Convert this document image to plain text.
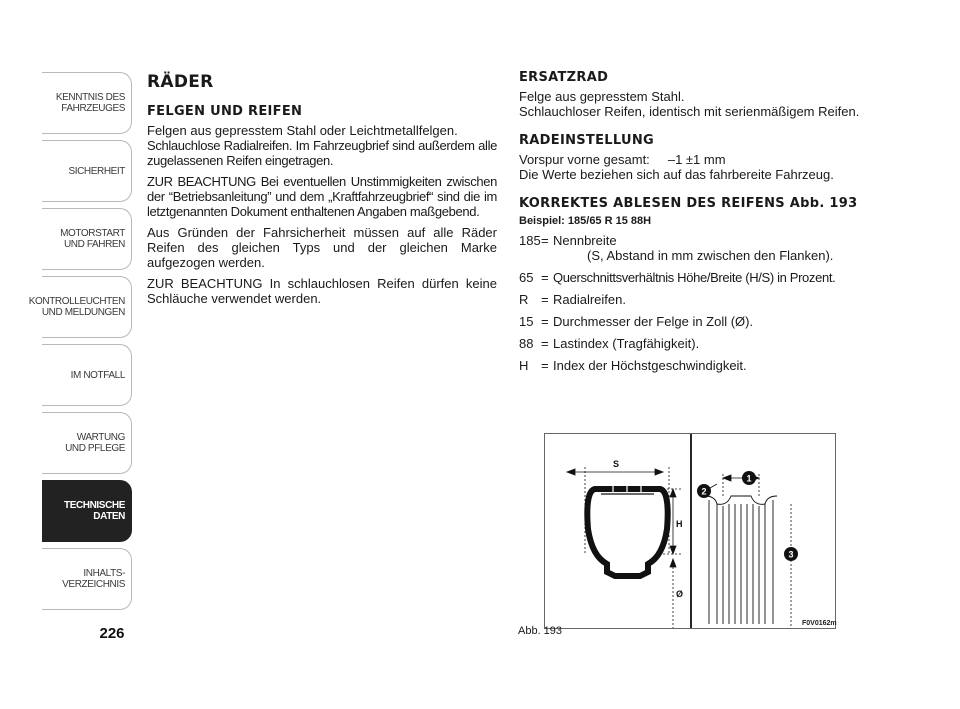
KENNTNIS DES
FAHRZEUGES
SICHERHEIT
MOTORSTART
UND FAHREN
KONTROLLEUCHTEN
UND MELDUNGEN
IM NOTFALL
WARTUNG
UND PFLEGE
TECHNISCHE
DATEN
INHALTS-
VERZEICHNIS
226
RÄDER
FELGEN UND REIFEN

Felgen aus gepresstem Stahl oder Leichtmetallfelgen.

Schlauchlose Radialreifen. Im Fahrzeugbrief sind außerdem alle zugelassenen Reifen eingetragen.

ZUR BEACHTUNG Bei eventuellen Unstimmigkeiten zwischen der “Betriebsanleitung” und dem „Kraftfahrzeugbrief“ sind die im letztgenannten Dokument enthaltenen Angaben maßgebend.

Aus Gründen der Fahrsicherheit müssen auf alle Räder Reifen des gleichen Typs und der gleichen Marke aufgezogen werden.

ZUR BEACHTUNG In schlauchlosen Reifen dürfen keine Schläuche verwendet werden.

ERSATZRAD

Felge aus gepresstem Stahl.

Schlauchloser Reifen, identisch mit serienmäßigem Reifen.

RADEINSTELLUNG

Vorspur vorne gesamt:     –1 ±1 mm

Die Werte beziehen sich auf das fahrbereite Fahrzeug.

KORREKTES ABLESEN DES REIFENS Abb. 193
Beispiel: 185/65 R 15 88H
185 = Nennbreite
(S, Abstand in mm zwischen den Flanken).
65 = Querschnittsverhältnis Höhe/Breite (H/S) in Prozent.
R = Radialreifen.
15 = Durchmesser der Felge in Zoll (Ø).
88 = Lastindex (Tragfähigkeit).
H = Index der Höchstgeschwindigkeit.
S
H
Ø
1
2
3
Abb. 193
F0V0162m
